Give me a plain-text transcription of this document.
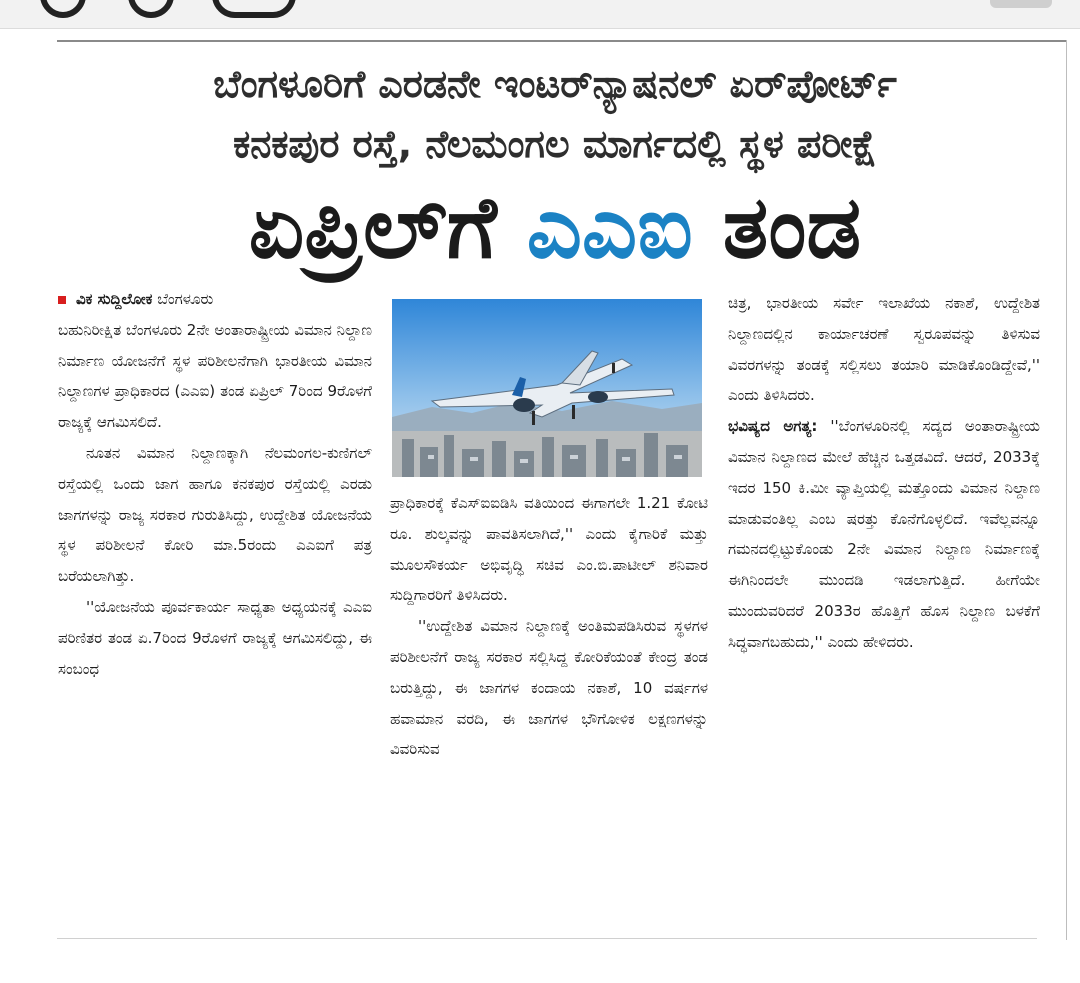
ಬೆಂಗಳೂರಿಗೆ ಎರಡನೇ ಇಂಟರ್‌ನ್ಯಾಷನಲ್ ಏರ್‌ಪೋರ್ಟ್
ಕನಕಪುರ ರಸ್ತೆ, ನೆಲಮಂಗಲ ಮಾರ್ಗದಲ್ಲಿ ಸ್ಥಳ ಪರೀಕ್ಷೆ
ಏಪ್ರಿಲ್‌ಗೆ ಎಎಐ ತಂಡ

ವಿಕ ಸುದ್ದಿಲೋಕ ಬೆಂಗಳೂರು

ಬಹುನಿರೀಕ್ಷಿತ ಬೆಂಗಳೂರು 2ನೇ ಅಂತಾರಾಷ್ಟ್ರೀಯ ವಿಮಾನ ನಿಲ್ದಾಣ ನಿರ್ಮಾಣ ಯೋಜನೆಗೆ ಸ್ಥಳ ಪರಿಶೀಲನೆಗಾಗಿ ಭಾರತೀಯ ವಿಮಾನ ನಿಲ್ದಾಣಗಳ ಪ್ರಾಧಿಕಾರದ (ಎಎಐ) ತಂಡ ಏಪ್ರಿಲ್ 7ರಿಂದ 9ರೊಳಗೆ ರಾಜ್ಯಕ್ಕೆ ಆಗಮಿಸಲಿದೆ.

ನೂತನ ವಿಮಾನ ನಿಲ್ದಾಣಕ್ಕಾಗಿ ನೆಲಮಂಗಲ-ಕುಣಿಗಲ್ ರಸ್ತೆಯಲ್ಲಿ ಒಂದು ಜಾಗ ಹಾಗೂ ಕನಕಪುರ ರಸ್ತೆಯಲ್ಲಿ ಎರಡು ಜಾಗಗಳನ್ನು ರಾಜ್ಯ ಸರಕಾರ ಗುರುತಿಸಿದ್ದು, ಉದ್ದೇಶಿತ ಯೋಜನೆಯ ಸ್ಥಳ ಪರಿಶೀಲನೆ ಕೋರಿ ಮಾ.5ರಂದು ಎಎಐಗೆ ಪತ್ರ ಬರೆಯಲಾಗಿತ್ತು.

''ಯೋಜನೆಯ ಪೂರ್ವಕಾರ್ಯ ಸಾಧ್ಯತಾ ಅಧ್ಯಯನಕ್ಕೆ ಎಎಐ ಪರಿಣಿತರ ತಂಡ ಏ.7ರಿಂದ 9ರೊಳಗೆ ರಾಜ್ಯಕ್ಕೆ ಆಗಮಿಸಲಿದ್ದು, ಈ ಸಂಬಂಧ

ಪ್ರಾಧಿಕಾರಕ್ಕೆ ಕೆಎಸ್‌ಐಐಡಿಸಿ ವತಿಯಿಂದ ಈಗಾಗಲೇ 1.21 ಕೋಟಿ ರೂ. ಶುಲ್ಕವನ್ನು ಪಾವತಿಸಲಾಗಿದೆ,'' ಎಂದು ಕೈಗಾರಿಕೆ ಮತ್ತು ಮೂಲಸೌಕರ್ಯ ಅಭಿವೃದ್ಧಿ ಸಚಿವ ಎಂ.ಬಿ.ಪಾಟೀಲ್ ಶನಿವಾರ ಸುದ್ದಿಗಾರರಿಗೆ ತಿಳಿಸಿದರು.

''ಉದ್ದೇಶಿತ ವಿಮಾನ ನಿಲ್ದಾಣಕ್ಕೆ ಅಂತಿಮಪಡಿಸಿರುವ ಸ್ಥಳಗಳ ಪರಿಶೀಲನೆಗೆ ರಾಜ್ಯ ಸರಕಾರ ಸಲ್ಲಿಸಿದ್ದ ಕೋರಿಕೆಯಂತೆ ಕೇಂದ್ರ ತಂಡ ಬರುತ್ತಿದ್ದು, ಈ ಜಾಗಗಳ ಕಂದಾಯ ನಕಾಶೆ, 10 ವರ್ಷಗಳ ಹವಾಮಾನ ವರದಿ, ಈ ಜಾಗಗಳ ಭೌಗೋಳಿಕ ಲಕ್ಷಣಗಳನ್ನು ವಿವರಿಸುವ

ಚಿತ್ರ, ಭಾರತೀಯ ಸರ್ವೇ ಇಲಾಖೆಯ ನಕಾಶೆ, ಉದ್ದೇಶಿತ ನಿಲ್ದಾಣದಲ್ಲಿನ ಕಾರ್ಯಾಚರಣೆ ಸ್ವರೂಪವನ್ನು ತಿಳಿಸುವ ವಿವರಗಳನ್ನು ತಂಡಕ್ಕೆ ಸಲ್ಲಿಸಲು ತಯಾರಿ ಮಾಡಿಕೊಂಡಿದ್ದೇವೆ,'' ಎಂದು ತಿಳಿಸಿದರು.

ಭವಿಷ್ಯದ ಅಗತ್ಯ: ''ಬೆಂಗಳೂರಿನಲ್ಲಿ ಸದ್ಯದ ಅಂತಾರಾಷ್ಟ್ರೀಯ ವಿಮಾನ ನಿಲ್ದಾಣದ ಮೇಲೆ ಹೆಚ್ಚಿನ ಒತ್ತಡವಿದೆ. ಆದರೆ, 2033ಕ್ಕೆ ಇದರ 150 ಕಿ.ಮೀ ವ್ಯಾಪ್ತಿಯಲ್ಲಿ ಮತ್ತೊಂದು ವಿಮಾನ ನಿಲ್ದಾಣ ಮಾಡುವಂತಿಲ್ಲ ಎಂಬ ಷರತ್ತು ಕೊನೆಗೊಳ್ಳಲಿದೆ. ಇವೆಲ್ಲವನ್ನೂ ಗಮನದಲ್ಲಿಟ್ಟುಕೊಂಡು 2ನೇ ವಿಮಾನ ನಿಲ್ದಾಣ ನಿರ್ಮಾಣಕ್ಕೆ ಈಗಿನಿಂದಲೇ ಮುಂದಡಿ ಇಡಲಾಗುತ್ತಿದೆ. ಹೀಗೆಯೇ ಮುಂದುವರಿದರೆ 2033ರ ಹೊತ್ತಿಗೆ ಹೊಸ ನಿಲ್ದಾಣ ಬಳಕೆಗೆ ಸಿದ್ಧವಾಗಬಹುದು,'' ಎಂದು ಹೇಳಿದರು.
